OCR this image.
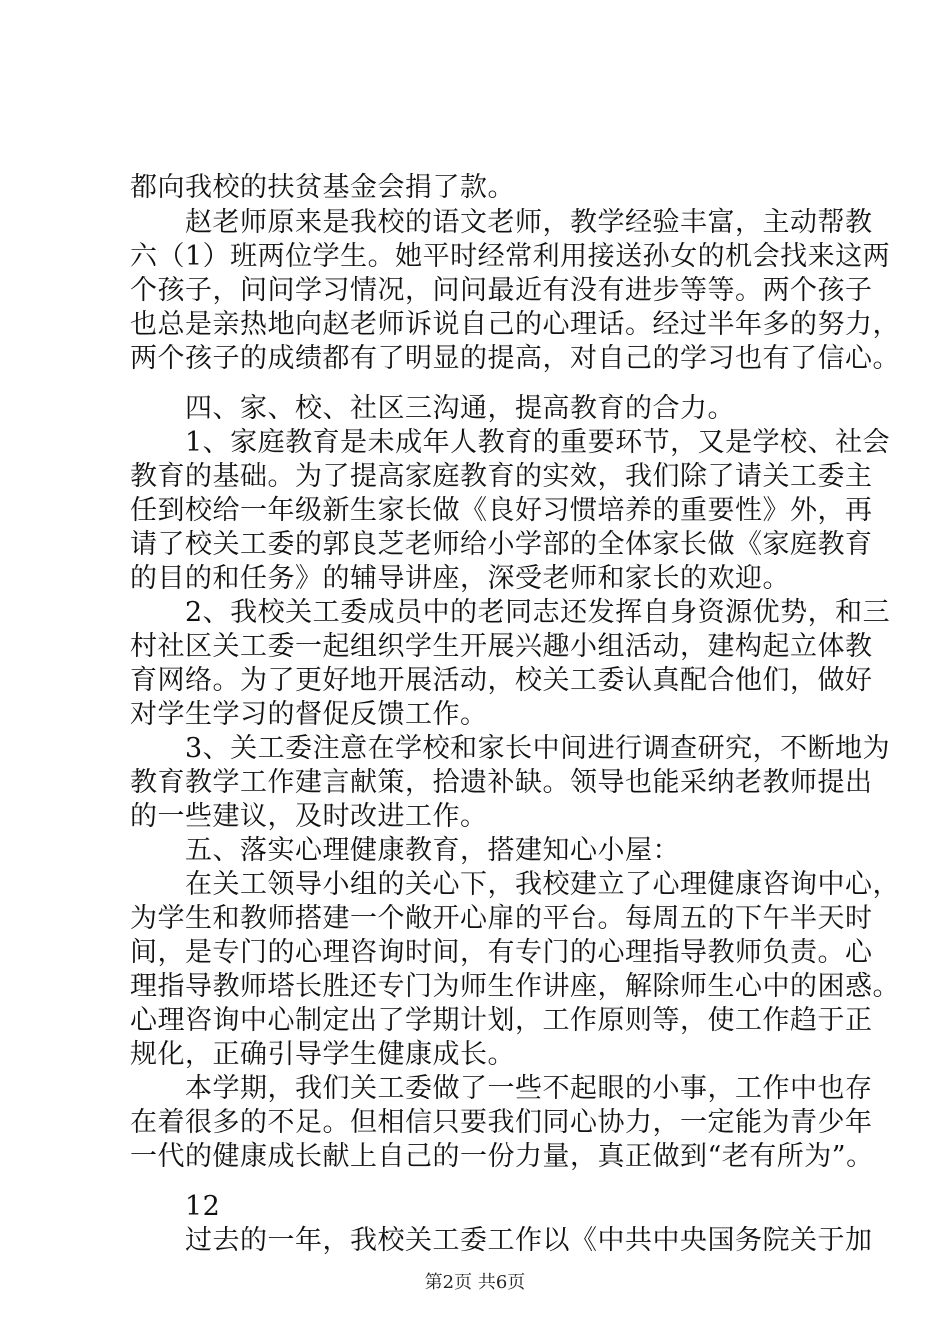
都向我校的扶贫基金会捐了款。
　　赵老师原来是我校的语文老师，教学经验丰富，主动帮教
六（1）班两位学生。她平时经常利用接送孙女的机会找来这两
个孩子，问问学习情况，问问最近有没有进步等等。两个孩子
也总是亲热地向赵老师诉说自己的心理话。经过半年多的努力，
两个孩子的成绩都有了明显的提高，对自己的学习也有了信心。
　　四、家、校、社区三沟通，提高教育的合力。
　　1、家庭教育是未成年人教育的重要环节，又是学校、社会
教育的基础。为了提高家庭教育的实效，我们除了请关工委主
任到校给一年级新生家长做《良好习惯培养的重要性》外，再
请了校关工委的郭良芝老师给小学部的全体家长做《家庭教育
的目的和任务》的辅导讲座，深受老师和家长的欢迎。
　　2、我校关工委成员中的老同志还发挥自身资源优势，和三
村社区关工委一起组织学生开展兴趣小组活动，建构起立体教
育网络。为了更好地开展活动，校关工委认真配合他们，做好
对学生学习的督促反馈工作。
　　3、关工委注意在学校和家长中间进行调查研究，不断地为
教育教学工作建言献策，拾遗补缺。领导也能采纳老教师提出
的一些建议，及时改进工作。
　　五、落实心理健康教育，搭建知心小屋：
　　在关工领导小组的关心下，我校建立了心理健康咨询中心，
为学生和教师搭建一个敞开心扉的平台。每周五的下午半天时
间，是专门的心理咨询时间，有专门的心理指导教师负责。心
理指导教师塔长胜还专门为师生作讲座，解除师生心中的困惑。
心理咨询中心制定出了学期计划，工作原则等，使工作趋于正
规化，正确引导学生健康成长。
　　本学期，我们关工委做了一些不起眼的小事，工作中也存
在着很多的不足。但相信只要我们同心协力，一定能为青少年
一代的健康成长献上自己的一份力量，真正做到“老有所为”。
　　12
　　过去的一年，我校关工委工作以《中共中央国务院关于加
第2页 共6页
